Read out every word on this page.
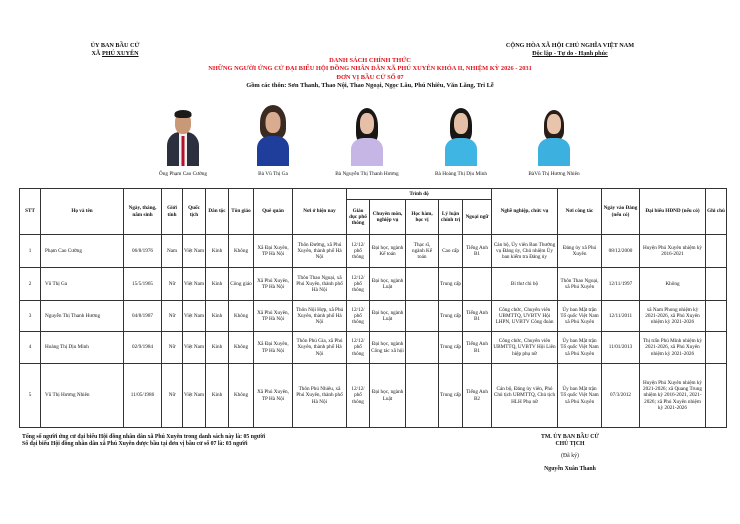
ỦY BAN BẦU CỬ
XÃ PHÚ XUYÊN
CỘNG HÒA XÃ HỘI CHỦ NGHĨA VIỆT NAM
Độc lập - Tự do - Hạnh phúc
DANH SÁCH CHÍNH THỨC
NHỮNG NGƯỜI ỨNG CỬ ĐẠI BIỂU HỘI ĐỒNG NHÂN DÂN XÃ PHÚ XUYÊN KHÓA II, NHIỆM KỲ 2026 - 2031
ĐƠN VỊ BẦU CỬ SỐ 07
Gồm các thôn: Sơn Thanh, Thao Nội, Thao Ngoại, Ngọc Lâu, Phú Nhiêu, Văn Lãng, Tri Lễ
Ông Phạm Cao Cường	Bà Vũ Thị Ga	Bà Nguyễn Thị Thanh Hương	Bà Hoàng Thị Dịu Minh	BàVũ Thị Hương Nhiên
STT	Họ và tên	Ngày, tháng, năm sinh	Giới tính	Quốc tịch	Dân tộc	Tôn giáo	Quê quán	Nơi ở hiện nay	Trình độ					Nghề nghiệp, chức vụ	Nơi công tác	Ngày vào Đảng (nếu có)	Đại biểu HĐND (nếu có)	Ghi chú
									Giáo dục phổ thông	Chuyên môn, nghiệp vụ	Học hàm, học vị	Lý luận chính trị	Ngoại ngữ					
1	Phạm Cao Cường	06/8/1976	Nam	Việt Nam	Kinh	Không	Xã Đại Xuyên, TP Hà Nội	Thôn Đường, xã Phú Xuyên, thành phố Hà Nội	12/12/ phổ thông	Đại học, ngành Kế toán	Thạc sĩ, ngành Kế toán	Cao cấp	Tiếng Anh B1	Cán bộ, Ủy viên Ban Thường vụ Đảng ủy, Chủ nhiệm Ủy ban kiểm tra Đảng ủy	Đảng ủy xã Phú Xuyên	08/12/2000	Huyện Phú Xuyên nhiệm kỳ 2016-2021	
2	Vũ Thị Ga	15/5/1965	Nữ	Việt Nam	Kinh	Công giáo	Xã Phú Xuyên, TP Hà Nội	Thôn Thao Ngoại, xã Phú Xuyên, thành phố Hà Nội	12/12/ phổ thông	Đại học, ngành Luật		Trung cấp		Bí thư chi bộ	Thôn Thao Ngoại, xã Phú Xuyên	12/11/1997	Không	
3	Nguyễn Thị Thanh Hương	04/8/1987	Nữ	Việt Nam	Kinh	Không	Xã Phú Xuyên, TP Hà Nội	Thôn Nội Hợp, xã Phú Xuyên, thành phố Hà Nội	12/12/ phổ thông	Đại học, ngành Luật		Trung cấp	Tiếng Anh B1	Công chức, Chuyên viên UBMTTQ, UVBTV Hội LHPN, UVBTV Công đoàn	Ủy ban Mặt trận Tổ quốc Việt Nam xã Phú Xuyên	12/11/2011	xã Nam Phong nhiệm kỳ 2021-2026, xã Phú Xuyên nhiệm kỳ 2021-2026	
4	Hoàng Thị Dịu Minh	02/9/1984	Nữ	Việt Nam	Kinh	Không	Xã Đại Xuyên, TP Hà Nội	Thôn Phú Gia, xã Phú Xuyên, thành phố Hà Nội	12/12/ phổ thông	Đại học, ngành Công tác xã hội		Trung cấp	Tiếng Anh B1	Công chức, Chuyên viên UBMTTQ, UVBTV Hội Liên hiệp phụ nữ	Ủy ban Mặt trận Tổ quốc Việt Nam xã Phú Xuyên	11/01/2013	Thị trấn Phú Minh nhiệm kỳ 2021-2026, xã Phú Xuyên nhiệm kỳ 2021-2026	
5	Vũ Thị Hương Nhiên	11/05/1986	Nữ	Việt Nam	Kinh	Không	Xã Phú Xuyên, TP Hà Nội	Thôn Phú Nhiêu, xã Phú Xuyên, thành phố Hà Nội	12/12/ phổ thông	Đại học, ngành Luật		Trung cấp	Tiếng Anh B2	Cán bộ, Đảng ủy viên, Phó Chủ tịch UBMTTQ, Chủ tịch HLH Phụ nữ	Ủy ban Mặt trận Tổ quốc Việt Nam xã Phú Xuyên	07/3/2012	Huyện Phú Xuyên nhiệm kỳ 2021-2026; xã Quang Trung nhiệm kỳ 2016-2021, 2021-2026; xã Phú Xuyên nhiệm kỳ 2021-2026	
Tổng số người ứng cử đại biểu Hội đồng nhân dân xã Phú Xuyên trong danh sách này là: 05 người
Số đại biểu Hội đồng nhân dân xã Phú Xuyên được bầu tại đơn vị bầu cử số 07 là: 03 người
TM. ỦY BAN BẦU CỬ
CHỦ TỊCH
(Đã ký)
Nguyễn Xuân Thanh
